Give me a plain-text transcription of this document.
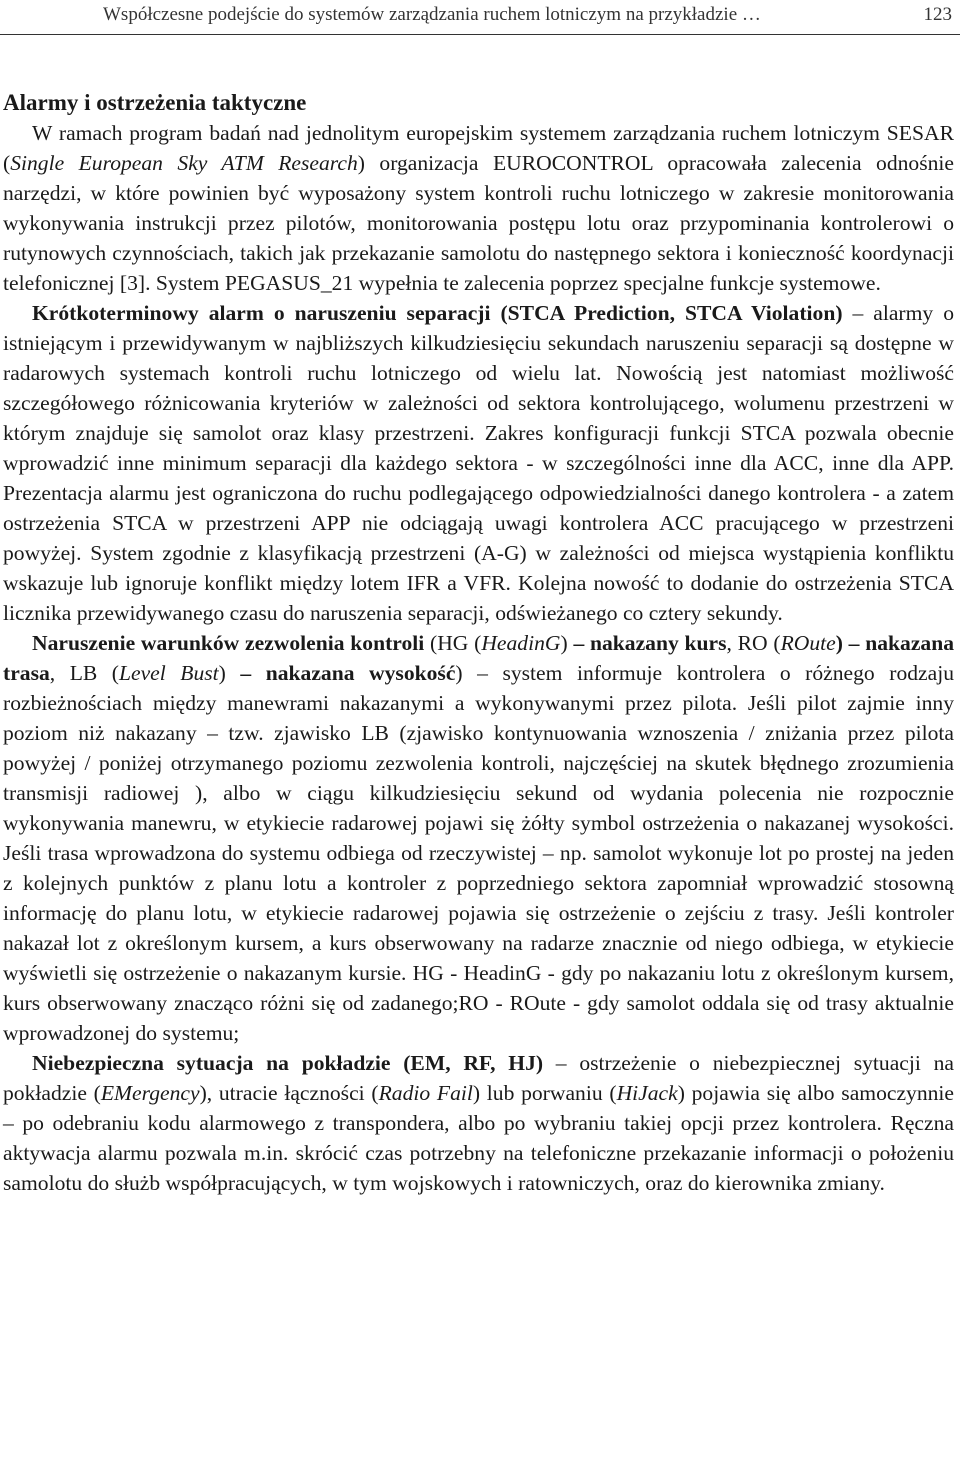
Współczesne podejście do systemów zarządzania ruchem lotniczym na przykładzie …	123
Alarmy i ostrzeżenia taktyczne

W ramach program badań nad jednolitym europejskim systemem zarządzania ruchem lotniczym SESAR (Single European Sky ATM Research) organizacja EUROCONTROL opracowała zalecenia odnośnie narzędzi, w które powinien być wyposażony system kontroli ruchu lotniczego w zakresie monitorowania wykonywania instrukcji przez pilotów, monitorowania postępu lotu oraz przypominania kontrolerowi o rutynowych czynnościach, takich jak przekazanie samolotu do następnego sektora i konieczność koordynacji telefonicznej [3]. System PEGASUS_21 wypełnia te zalecenia poprzez specjalne funkcje systemowe.

Krótkoterminowy alarm o naruszeniu separacji (STCA Prediction, STCA Violation) – alarmy o istniejącym i przewidywanym w najbliższych kilkudziesięciu sekundach naruszeniu separacji są dostępne w radarowych systemach kontroli ruchu lotniczego od wielu lat. Nowością jest natomiast możliwość szczegółowego różnicowania kryteriów w zależności od sektora kontrolującego, wolumenu przestrzeni w którym znajduje się samolot oraz klasy przestrzeni. Zakres konfiguracji funkcji STCA pozwala obecnie wprowadzić inne minimum separacji dla każdego sektora - w szczególności inne dla ACC, inne dla APP. Prezentacja alarmu jest ograniczona do ruchu podlegającego odpowiedzialności danego kontrolera - a zatem ostrzeżenia STCA w przestrzeni APP nie odciągają uwagi kontrolera ACC pracującego w przestrzeni powyżej. System zgodnie z klasyfikacją przestrzeni (A-G) w zależności od miejsca wystąpienia konfliktu wskazuje lub ignoruje konflikt między lotem IFR a VFR. Kolejna nowość to dodanie do ostrzeżenia STCA licznika przewidywanego czasu do naruszenia separacji, odświeżanego co cztery sekundy.

Naruszenie warunków zezwolenia kontroli (HG (HeadinG) – nakazany kurs, RO (ROute) – nakazana trasa, LB (Level Bust) – nakazana wysokość) – system informuje kontrolera o różnego rodzaju rozbieżnościach między manewrami nakazanymi a wykonywanymi przez pilota. Jeśli pilot zajmie inny poziom niż nakazany – tzw. zjawisko LB (zjawisko kontynuowania wznoszenia / zniżania przez pilota powyżej / poniżej otrzymanego poziomu zezwolenia kontroli, najczęściej na skutek błędnego zrozumienia transmisji radiowej ), albo w ciągu kilkudziesięciu sekund od wydania polecenia nie rozpocznie wykonywania manewru, w etykiecie radarowej pojawi się żółty symbol ostrzeżenia o nakazanej wysokości. Jeśli trasa wprowadzona do systemu odbiega od rzeczywistej – np. samolot wykonuje lot po prostej na jeden z kolejnych punktów z planu lotu a kontroler z poprzedniego sektora zapomniał wprowadzić stosowną informację do planu lotu, w etykiecie radarowej pojawia się ostrzeżenie o zejściu z trasy. Jeśli kontroler nakazał lot z określonym kursem, a kurs obserwowany na radarze znacznie od niego odbiega, w etykiecie wyświetli się ostrzeżenie o nakazanym kursie. HG - HeadinG - gdy po nakazaniu lotu z określonym kursem, kurs obserwowany znacząco różni się od zadanego;RO - ROute - gdy samolot oddala się od trasy aktualnie wprowadzonej do systemu;

Niebezpieczna sytuacja na pokładzie (EM, RF, HJ) – ostrzeżenie o niebezpiecznej sytuacji na pokładzie (EMergency), utracie łączności (Radio Fail) lub porwaniu (HiJack) pojawia się albo samoczynnie – po odebraniu kodu alarmowego z transpondera, albo po wybraniu takiej opcji przez kontrolera. Ręczna aktywacja alarmu pozwala m.in. skrócić czas potrzebny na telefoniczne przekazanie informacji o położeniu samolotu do służb współpracujących, w tym wojskowych i ratowniczych, oraz do kierownika zmiany.
